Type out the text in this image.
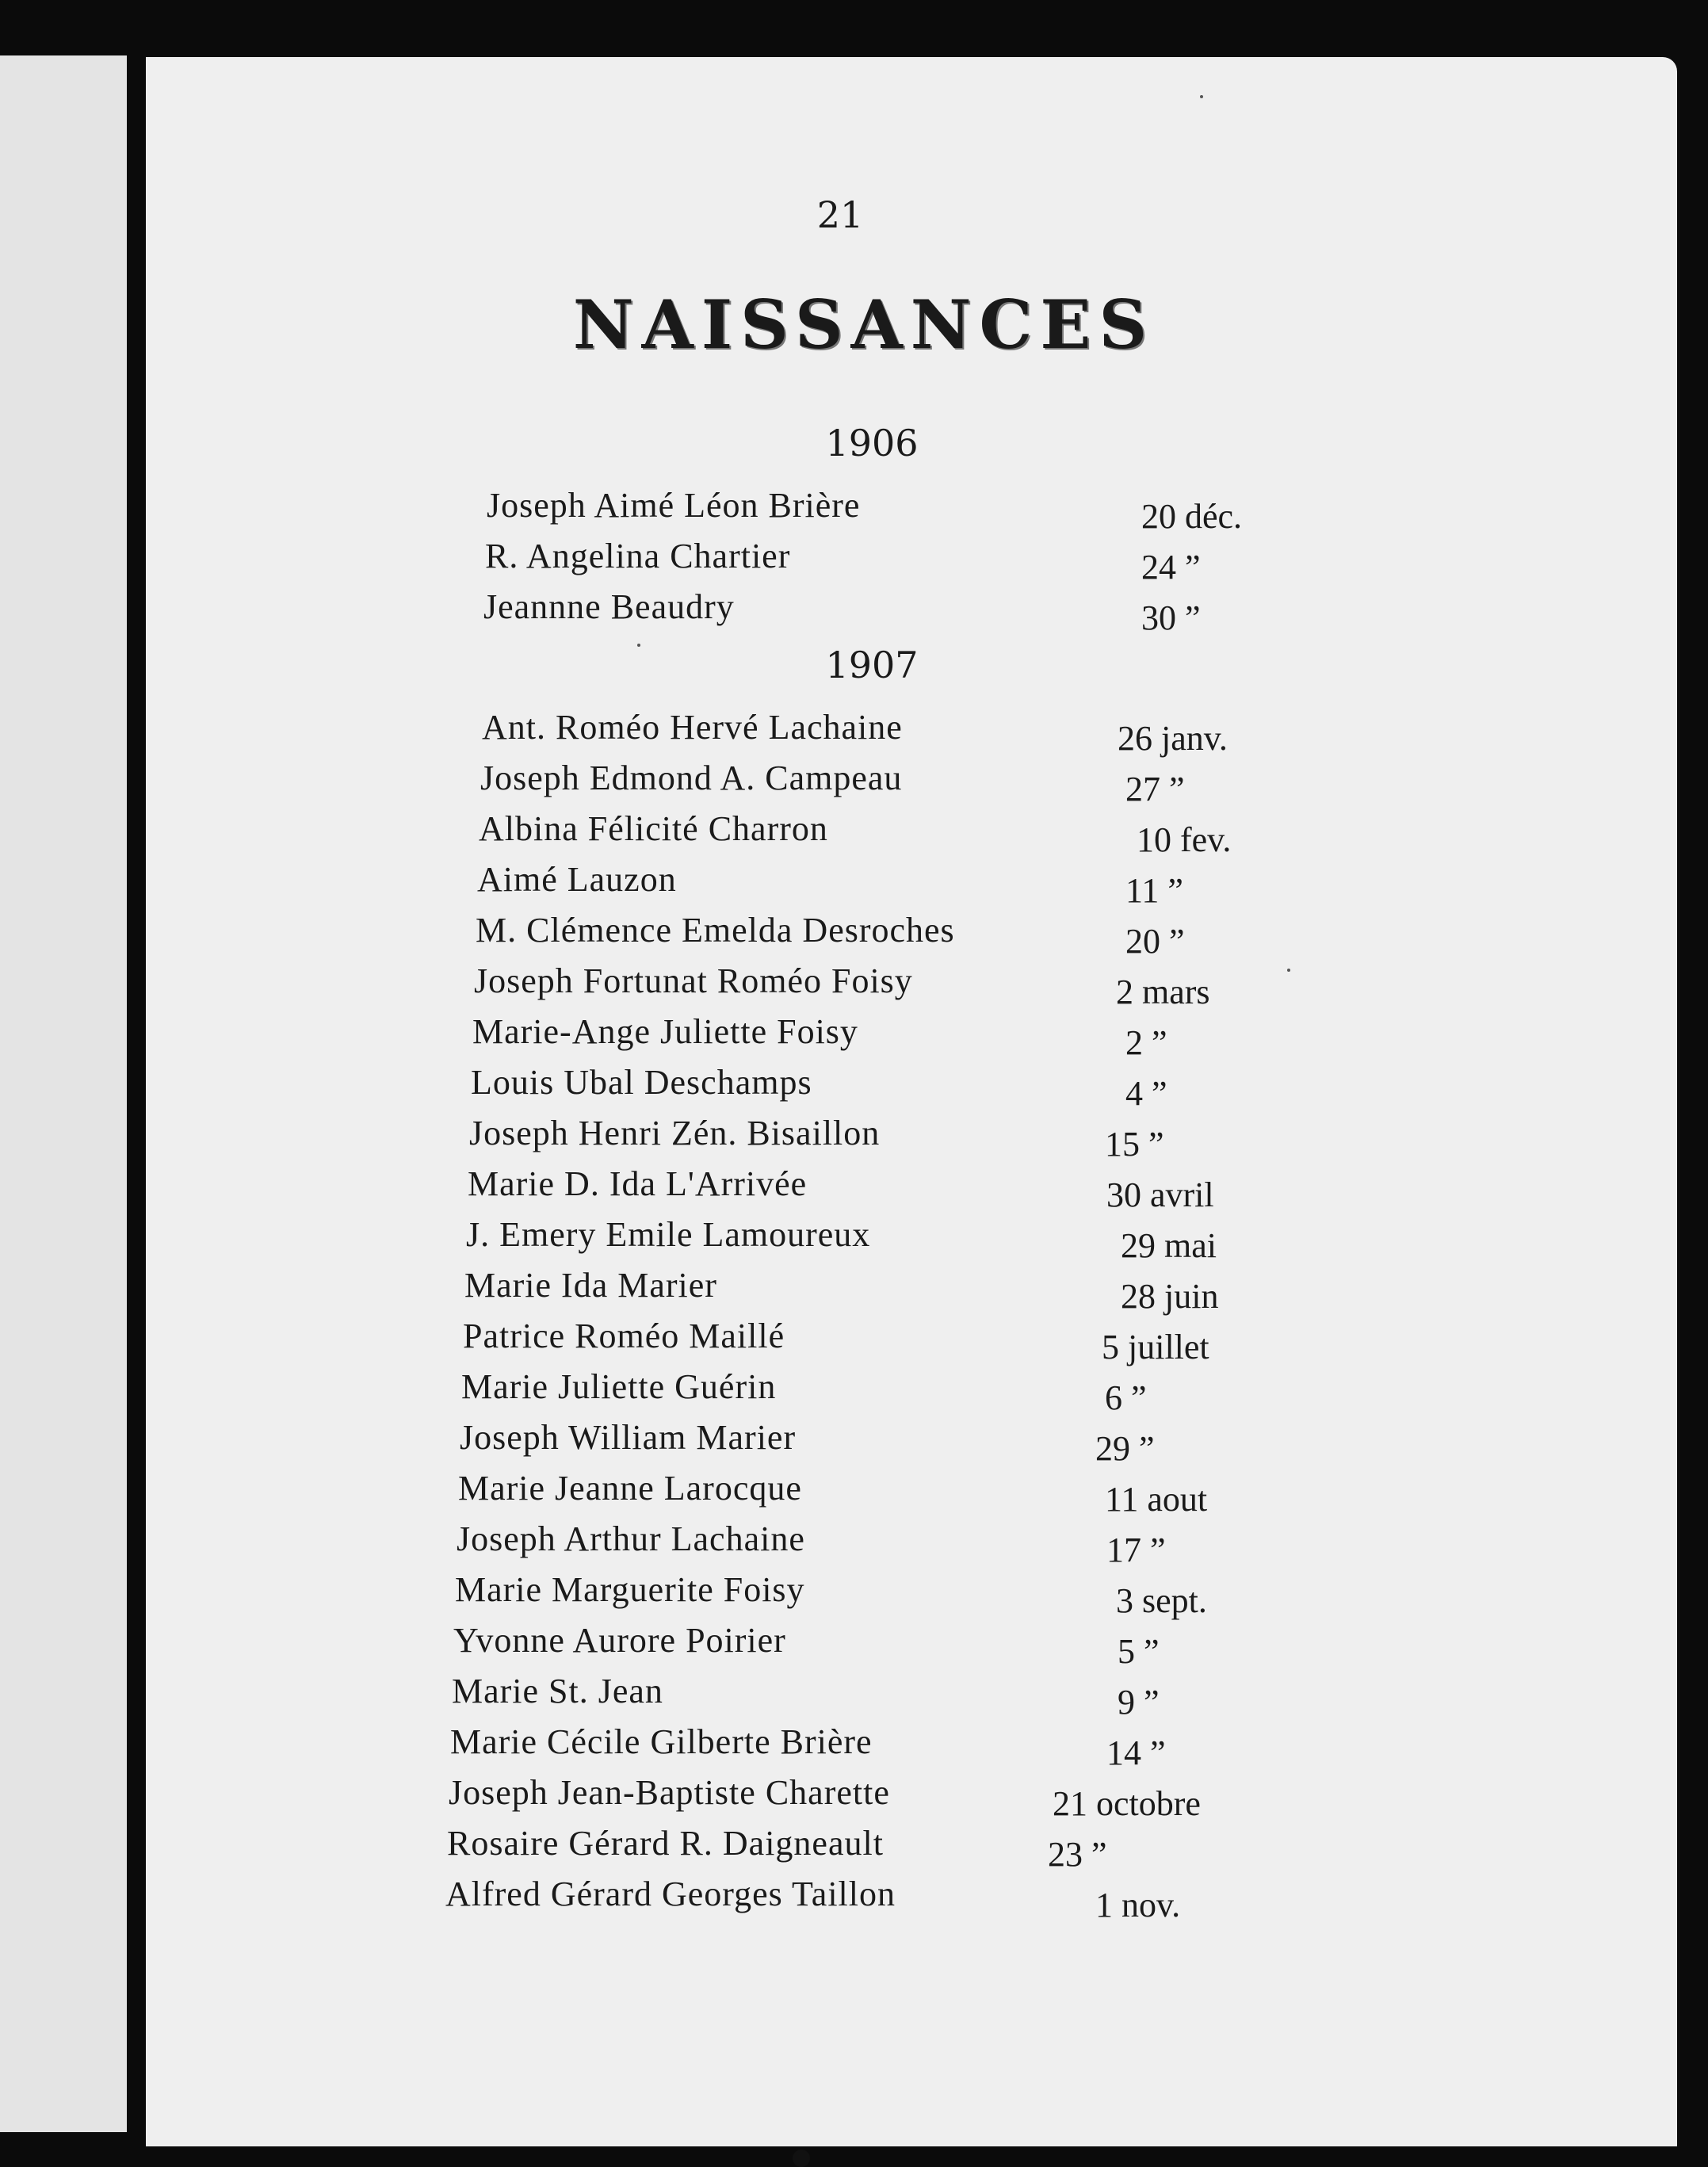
21
NAISSANCES
1906
Joseph Aimé Léon Brière	20 déc.
R. Angelina Chartier	24 ”
Jeannne Beaudry	30 ”
1907
Ant. Roméo Hervé Lachaine	26 janv.
Joseph Edmond A. Campeau	27 ”
Albina Félicité Charron	10 fev.
Aimé Lauzon	11 ”
M. Clémence Emelda Desroches	20 ”
Joseph Fortunat Roméo Foisy	2 mars
Marie-Ange Juliette Foisy	2 ”
Louis Ubal Deschamps	4 ”
Joseph Henri Zén. Bisaillon	15 ”
Marie D. Ida L'Arrivée	30 avril
J. Emery Emile Lamoureux	29 mai
Marie Ida Marier	28 juin
Patrice Roméo Maillé	5 juillet
Marie Juliette Guérin	6 ”
Joseph William Marier	29 ”
Marie Jeanne Larocque	11 aout
Joseph Arthur Lachaine	17 ”
Marie Marguerite Foisy	3 sept.
Yvonne Aurore Poirier	5 ”
Marie St. Jean	9 ”
Marie Cécile Gilberte Brière	14 ”
Joseph Jean-Baptiste Charette	21 octobre
Rosaire Gérard R. Daigneault	23 ”
Alfred Gérard Georges Taillon	1 nov.
